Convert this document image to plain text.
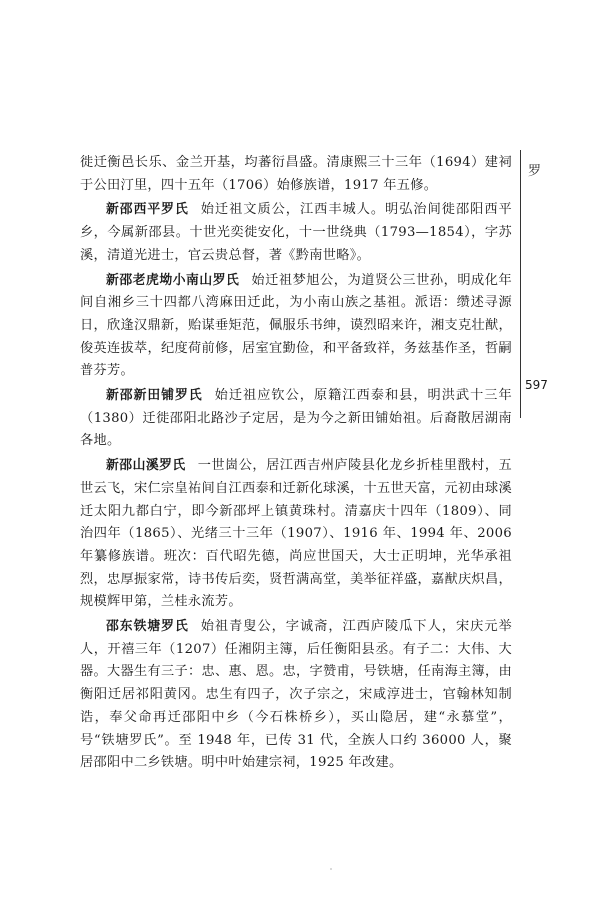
徙迁衡邑长乐、金兰开基，均蕃衍昌盛。清康熙三十三年（1694）建祠于公田汀里，四十五年（1706）始修族谱，1917 年五修。

新邵西平罗氏 始迁祖文质公，江西丰城人。明弘治间徙邵阳西平乡，今属新邵县。十世光奕徙安化，十一世绕典（1793—1854），字苏溪，清道光进士，官云贵总督，著《黔南世略》。

新邵老虎坳小南山罗氏 始迁祖梦旭公，为道贤公三世孙，明成化年间自湘乡三十四都八湾麻田迁此，为小南山族之基祖。派语：缵述寻源日，欣逢汉鼎新，贻谋垂矩范，佩服乐书绅，谟烈昭来许，湘支克壮猷，俊英连拔萃，纪度荷前修，居室宜勤俭，和平备致祥，务兹基作圣，哲嗣普芬芳。

新邵新田铺罗氏 始迁祖应钦公，原籍江西泰和县，明洪武十三年（1380）迁徙邵阳北路沙子定居，是为今之新田铺始祖。后裔散居湖南各地。

新邵山溪罗氏 一世崮公，居江西吉州庐陵县化龙乡折桂里戬村，五世云飞，宋仁宗皇祐间自江西泰和迁新化球溪，十五世天富，元初由球溪迁太阳九都白宁，即今新邵坪上镇黄珠村。清嘉庆十四年（1809）、同治四年（1865）、光绪三十三年（1907）、1916 年、1994 年、2006 年纂修族谱。班次：百代昭先德，尚应世国天，大士正明坤，光华承祖烈，忠厚振家常，诗书传后奕，贤哲满高堂，美举征祥盛，嘉猷庆炽昌，规模辉甲第，兰桂永流芳。

邵东铁塘罗氏 始祖青叟公，字诚斋，江西庐陵瓜下人，宋庆元举人，开禧三年（1207）任湘阴主簿，后任衡阳县丞。有子二：大伟、大器。大器生有三子：忠、惠、恩。忠，字赞甫，号铁塘，任南海主簿，由衡阳迁居祁阳黄冈。忠生有四子，次子宗之，宋咸淳进士，官翰林知制诰，奉父命再迁邵阳中乡（今石株桥乡），买山隐居，建“永慕堂”，号“铁塘罗氏”。至 1948 年，已传 31 代，全族人口约 36000 人，聚居邵阳中二乡铁塘。明中叶始建宗祠，1925 年改建。

罗
597
